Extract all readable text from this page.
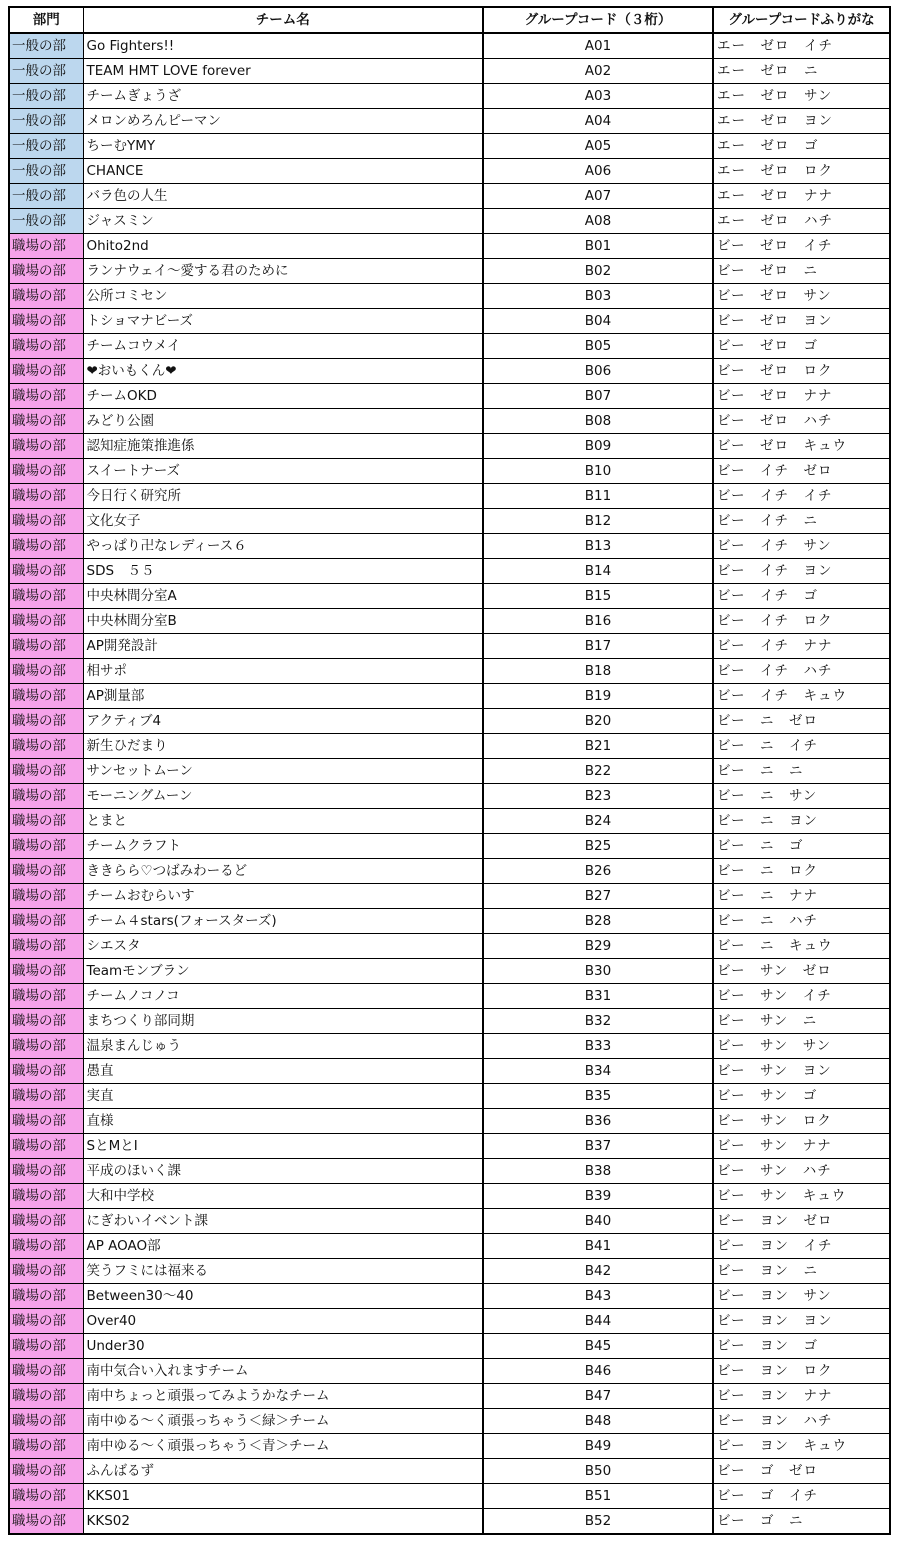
部門	チーム名	グループコード（３桁）	グループコードふりがな
一般の部	Go Fighters!!	A01	エー　ゼロ　イチ
一般の部	TEAM HMT LOVE forever	A02	エー　ゼロ　ニ
一般の部	チームぎょうざ	A03	エー　ゼロ　サン
一般の部	メロンめろんピーマン	A04	エー　ゼロ　ヨン
一般の部	ちーむYMY	A05	エー　ゼロ　ゴ
一般の部	CHANCE	A06	エー　ゼロ　ロク
一般の部	バラ色の人生	A07	エー　ゼロ　ナナ
一般の部	ジャスミン	A08	エー　ゼロ　ハチ
職場の部	Ohito2nd	B01	ビー　ゼロ　イチ
職場の部	ランナウェイ～愛する君のために	B02	ビー　ゼロ　ニ
職場の部	公所コミセン	B03	ビー　ゼロ　サン
職場の部	トショマナビーズ	B04	ビー　ゼロ　ヨン
職場の部	チームコウメイ	B05	ビー　ゼロ　ゴ
職場の部	❤おいもくん❤	B06	ビー　ゼロ　ロク
職場の部	チームOKD	B07	ビー　ゼロ　ナナ
職場の部	みどり公園	B08	ビー　ゼロ　ハチ
職場の部	認知症施策推進係	B09	ビー　ゼロ　キュウ
職場の部	スイートナーズ	B10	ビー　イチ　ゼロ
職場の部	今日行く研究所	B11	ビー　イチ　イチ
職場の部	文化女子	B12	ビー　イチ　ニ
職場の部	やっぱり卍なレディース６	B13	ビー　イチ　サン
職場の部	SDS　５５	B14	ビー　イチ　ヨン
職場の部	中央林間分室A	B15	ビー　イチ　ゴ
職場の部	中央林間分室B	B16	ビー　イチ　ロク
職場の部	AP開発設計	B17	ビー　イチ　ナナ
職場の部	相サポ	B18	ビー　イチ　ハチ
職場の部	AP測量部	B19	ビー　イチ　キュウ
職場の部	アクティブ4	B20	ビー　ニ　ゼロ
職場の部	新生ひだまり	B21	ビー　ニ　イチ
職場の部	サンセットムーン	B22	ビー　ニ　ニ
職場の部	モーニングムーン	B23	ビー　ニ　サン
職場の部	とまと	B24	ビー　ニ　ヨン
職場の部	チームクラフト	B25	ビー　ニ　ゴ
職場の部	ききらら♡つばみわーるど	B26	ビー　ニ　ロク
職場の部	チームおむらいす	B27	ビー　ニ　ナナ
職場の部	チーム４stars(フォースターズ)	B28	ビー　ニ　ハチ
職場の部	シエスタ	B29	ビー　ニ　キュウ
職場の部	Teamモンブラン	B30	ビー　サン　ゼロ
職場の部	チームノコノコ	B31	ビー　サン　イチ
職場の部	まちつくり部同期	B32	ビー　サン　ニ
職場の部	温泉まんじゅう	B33	ビー　サン　サン
職場の部	愚直	B34	ビー　サン　ヨン
職場の部	実直	B35	ビー　サン　ゴ
職場の部	直様	B36	ビー　サン　ロク
職場の部	SとMとI	B37	ビー　サン　ナナ
職場の部	平成のほいく課	B38	ビー　サン　ハチ
職場の部	大和中学校	B39	ビー　サン　キュウ
職場の部	にぎわいイベント課	B40	ビー　ヨン　ゼロ
職場の部	AP AOAO部	B41	ビー　ヨン　イチ
職場の部	笑うフミには福来る	B42	ビー　ヨン　ニ
職場の部	Between30～40	B43	ビー　ヨン　サン
職場の部	Over40	B44	ビー　ヨン　ヨン
職場の部	Under30	B45	ビー　ヨン　ゴ
職場の部	南中気合い入れますチーム	B46	ビー　ヨン　ロク
職場の部	南中ちょっと頑張ってみようかなチーム	B47	ビー　ヨン　ナナ
職場の部	南中ゆる～く頑張っちゃう＜緑＞チーム	B48	ビー　ヨン　ハチ
職場の部	南中ゆる～く頑張っちゃう＜青＞チーム	B49	ビー　ヨン　キュウ
職場の部	ふんばるず	B50	ビー　ゴ　ゼロ
職場の部	KKS01	B51	ビー　ゴ　イチ
職場の部	KKS02	B52	ビー　ゴ　ニ
